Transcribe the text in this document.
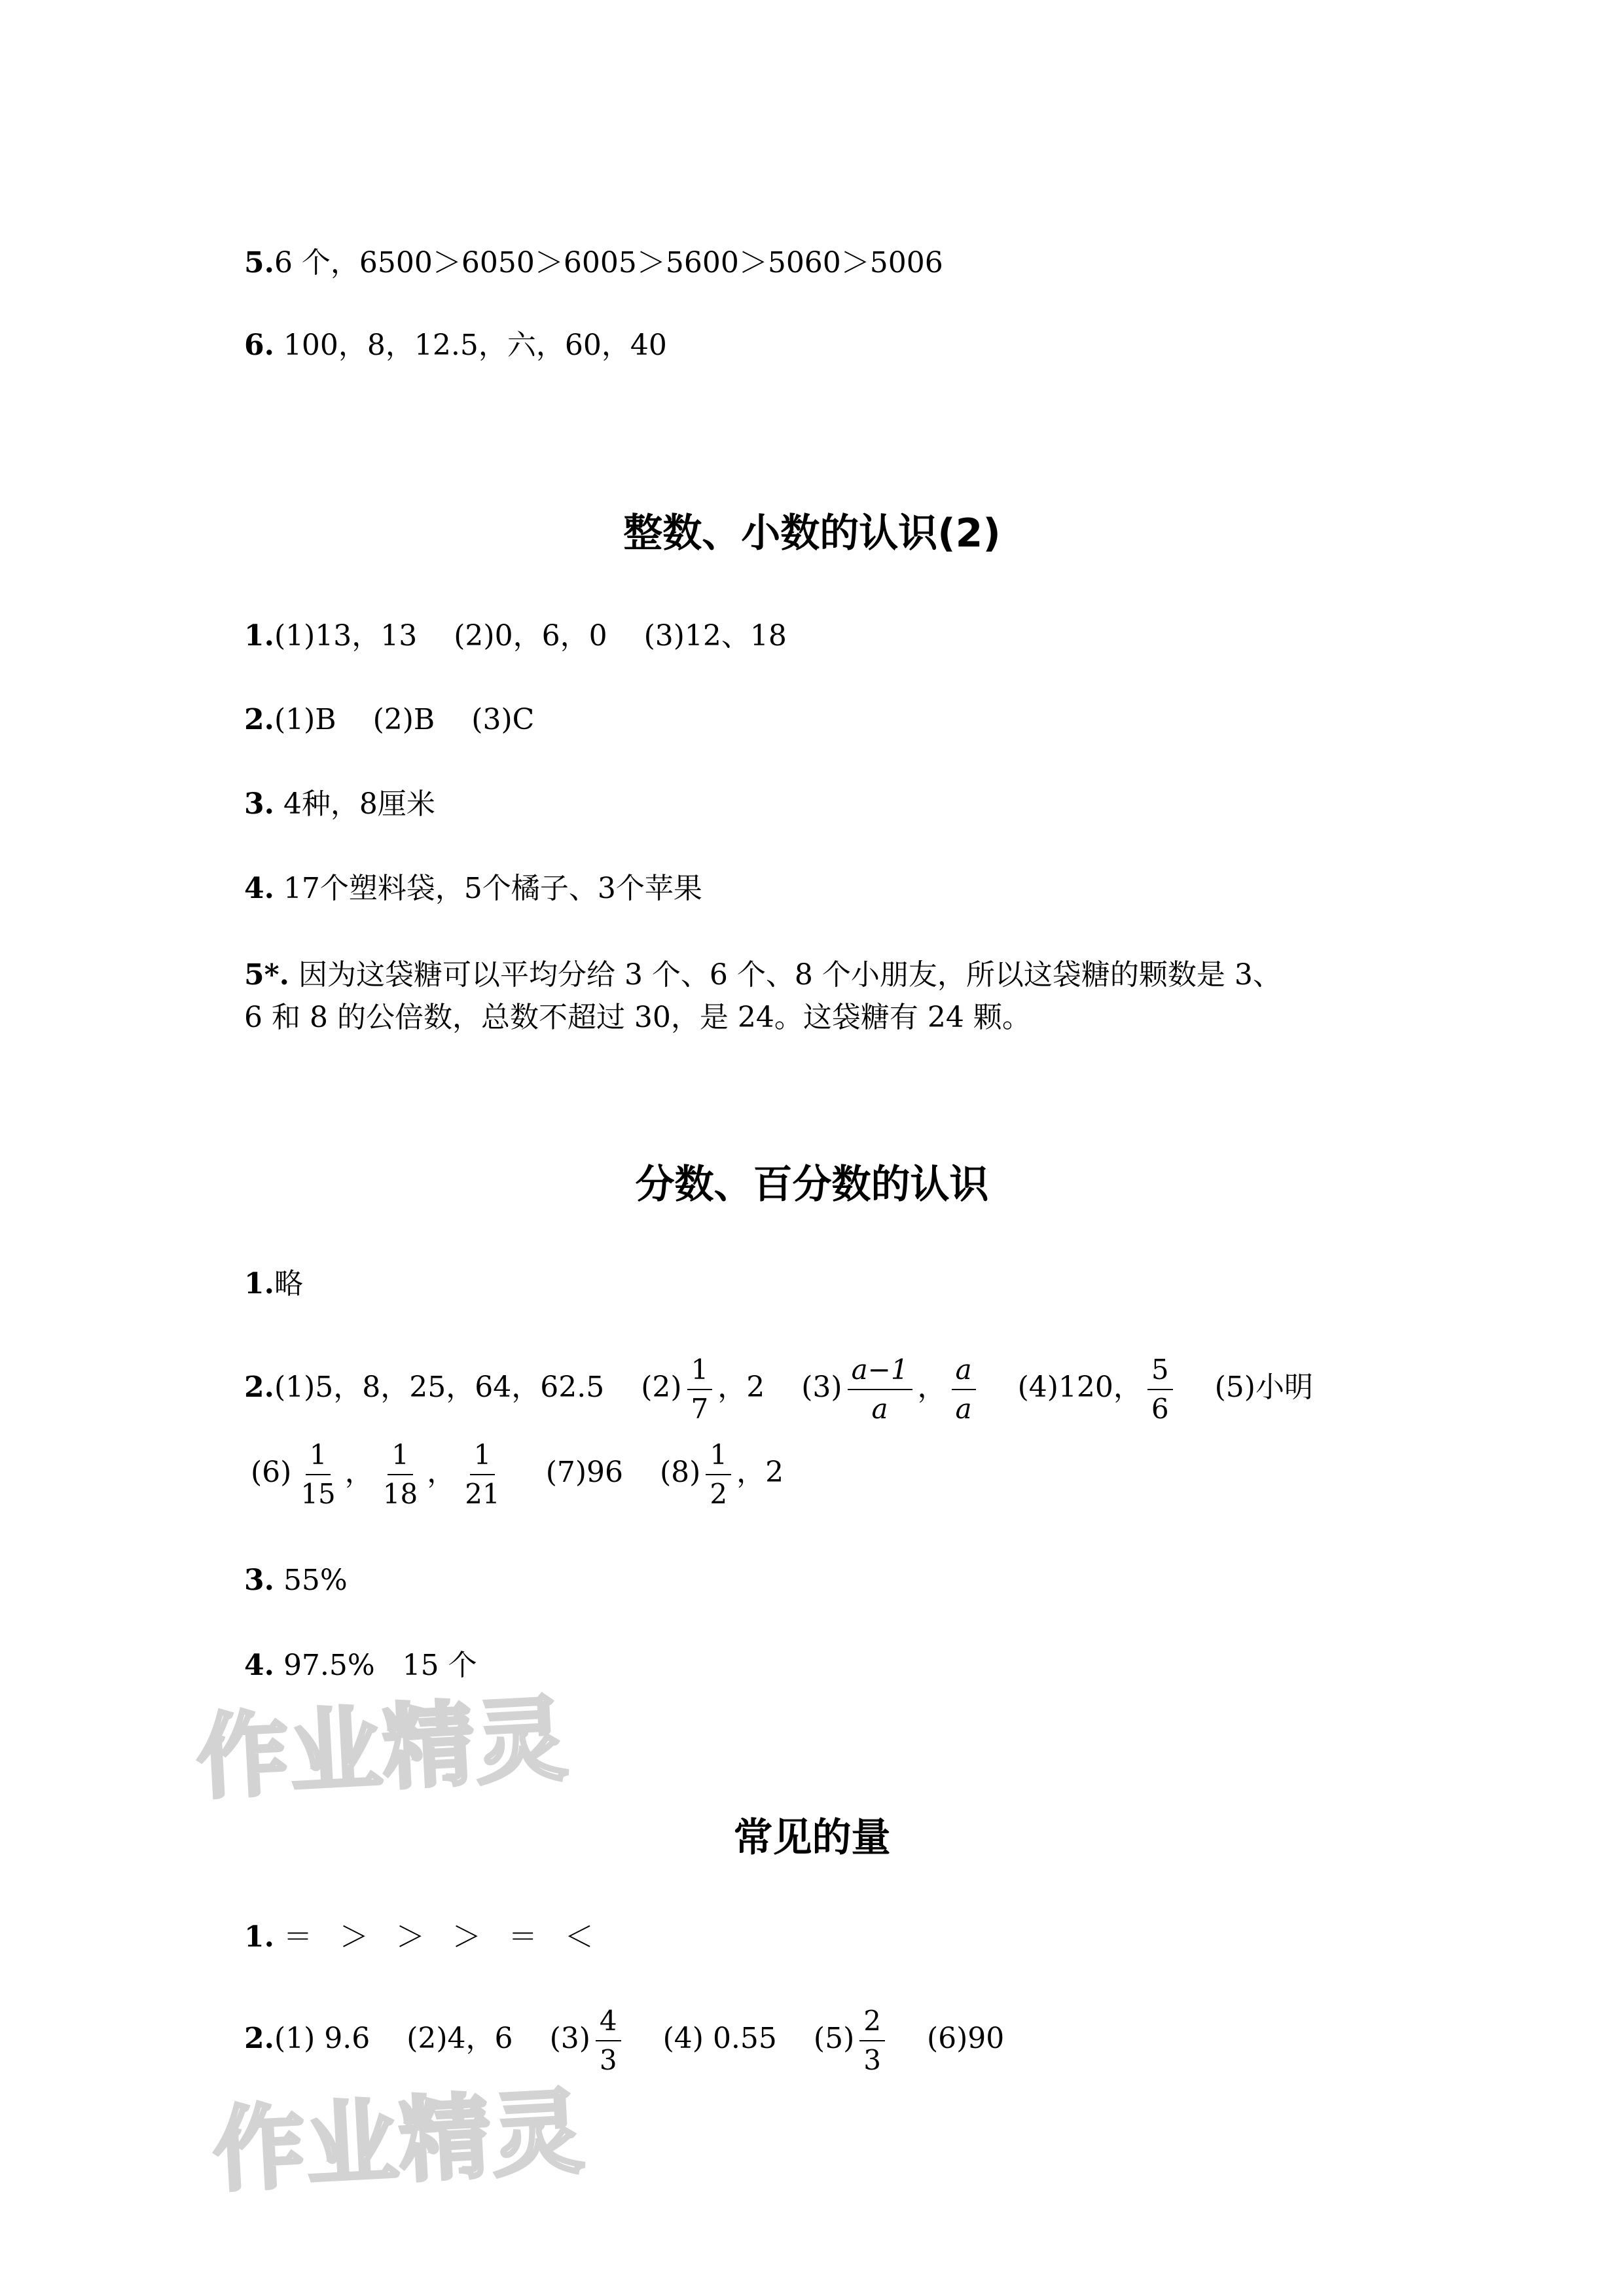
5.6 个，6500＞6050＞6005＞5600＞5060＞5006
6. 100，8，12.5，六，60，40
整数、小数的认识(2)
1.(1)13，13 (2)0，6，0 (3)12、18
2.(1)B (2)B (3)C
3. 4种，8厘米
4. 17个塑料袋，5个橘子、3个苹果
5*. 因为这袋糖可以平均分给 3 个、6 个、8 个小朋友，所以这袋糖的颗数是 3、
6 和 8 的公倍数，总数不超过 30，是 24。这袋糖有 24 颗。
分数、百分数的认识
1.略
2.(1)5，8，25，64，62.5 $(2) \frac{1}{7}$ ，2 $(3) \frac{a-1}{a}$ ， $\frac{a}{a} (4)120$， $\frac{5}{6} (5)$小明
$(6) \frac{1}{15}$ ， $\frac{1}{18}$ ， $\frac{1}{21} (7)96$ $(8) \frac{1}{2}$ ，2
3. 55%
4. 97.5%   15 个
作业精灵
常见的量
1. ＝   ＞   ＞   ＞   ＝   ＜
2.(1) 9.6 (2)4，6 $(3) \frac{4}{3} (4)$ 0.55 $(5) \frac{2}{3} (6)90$
作业精灵
